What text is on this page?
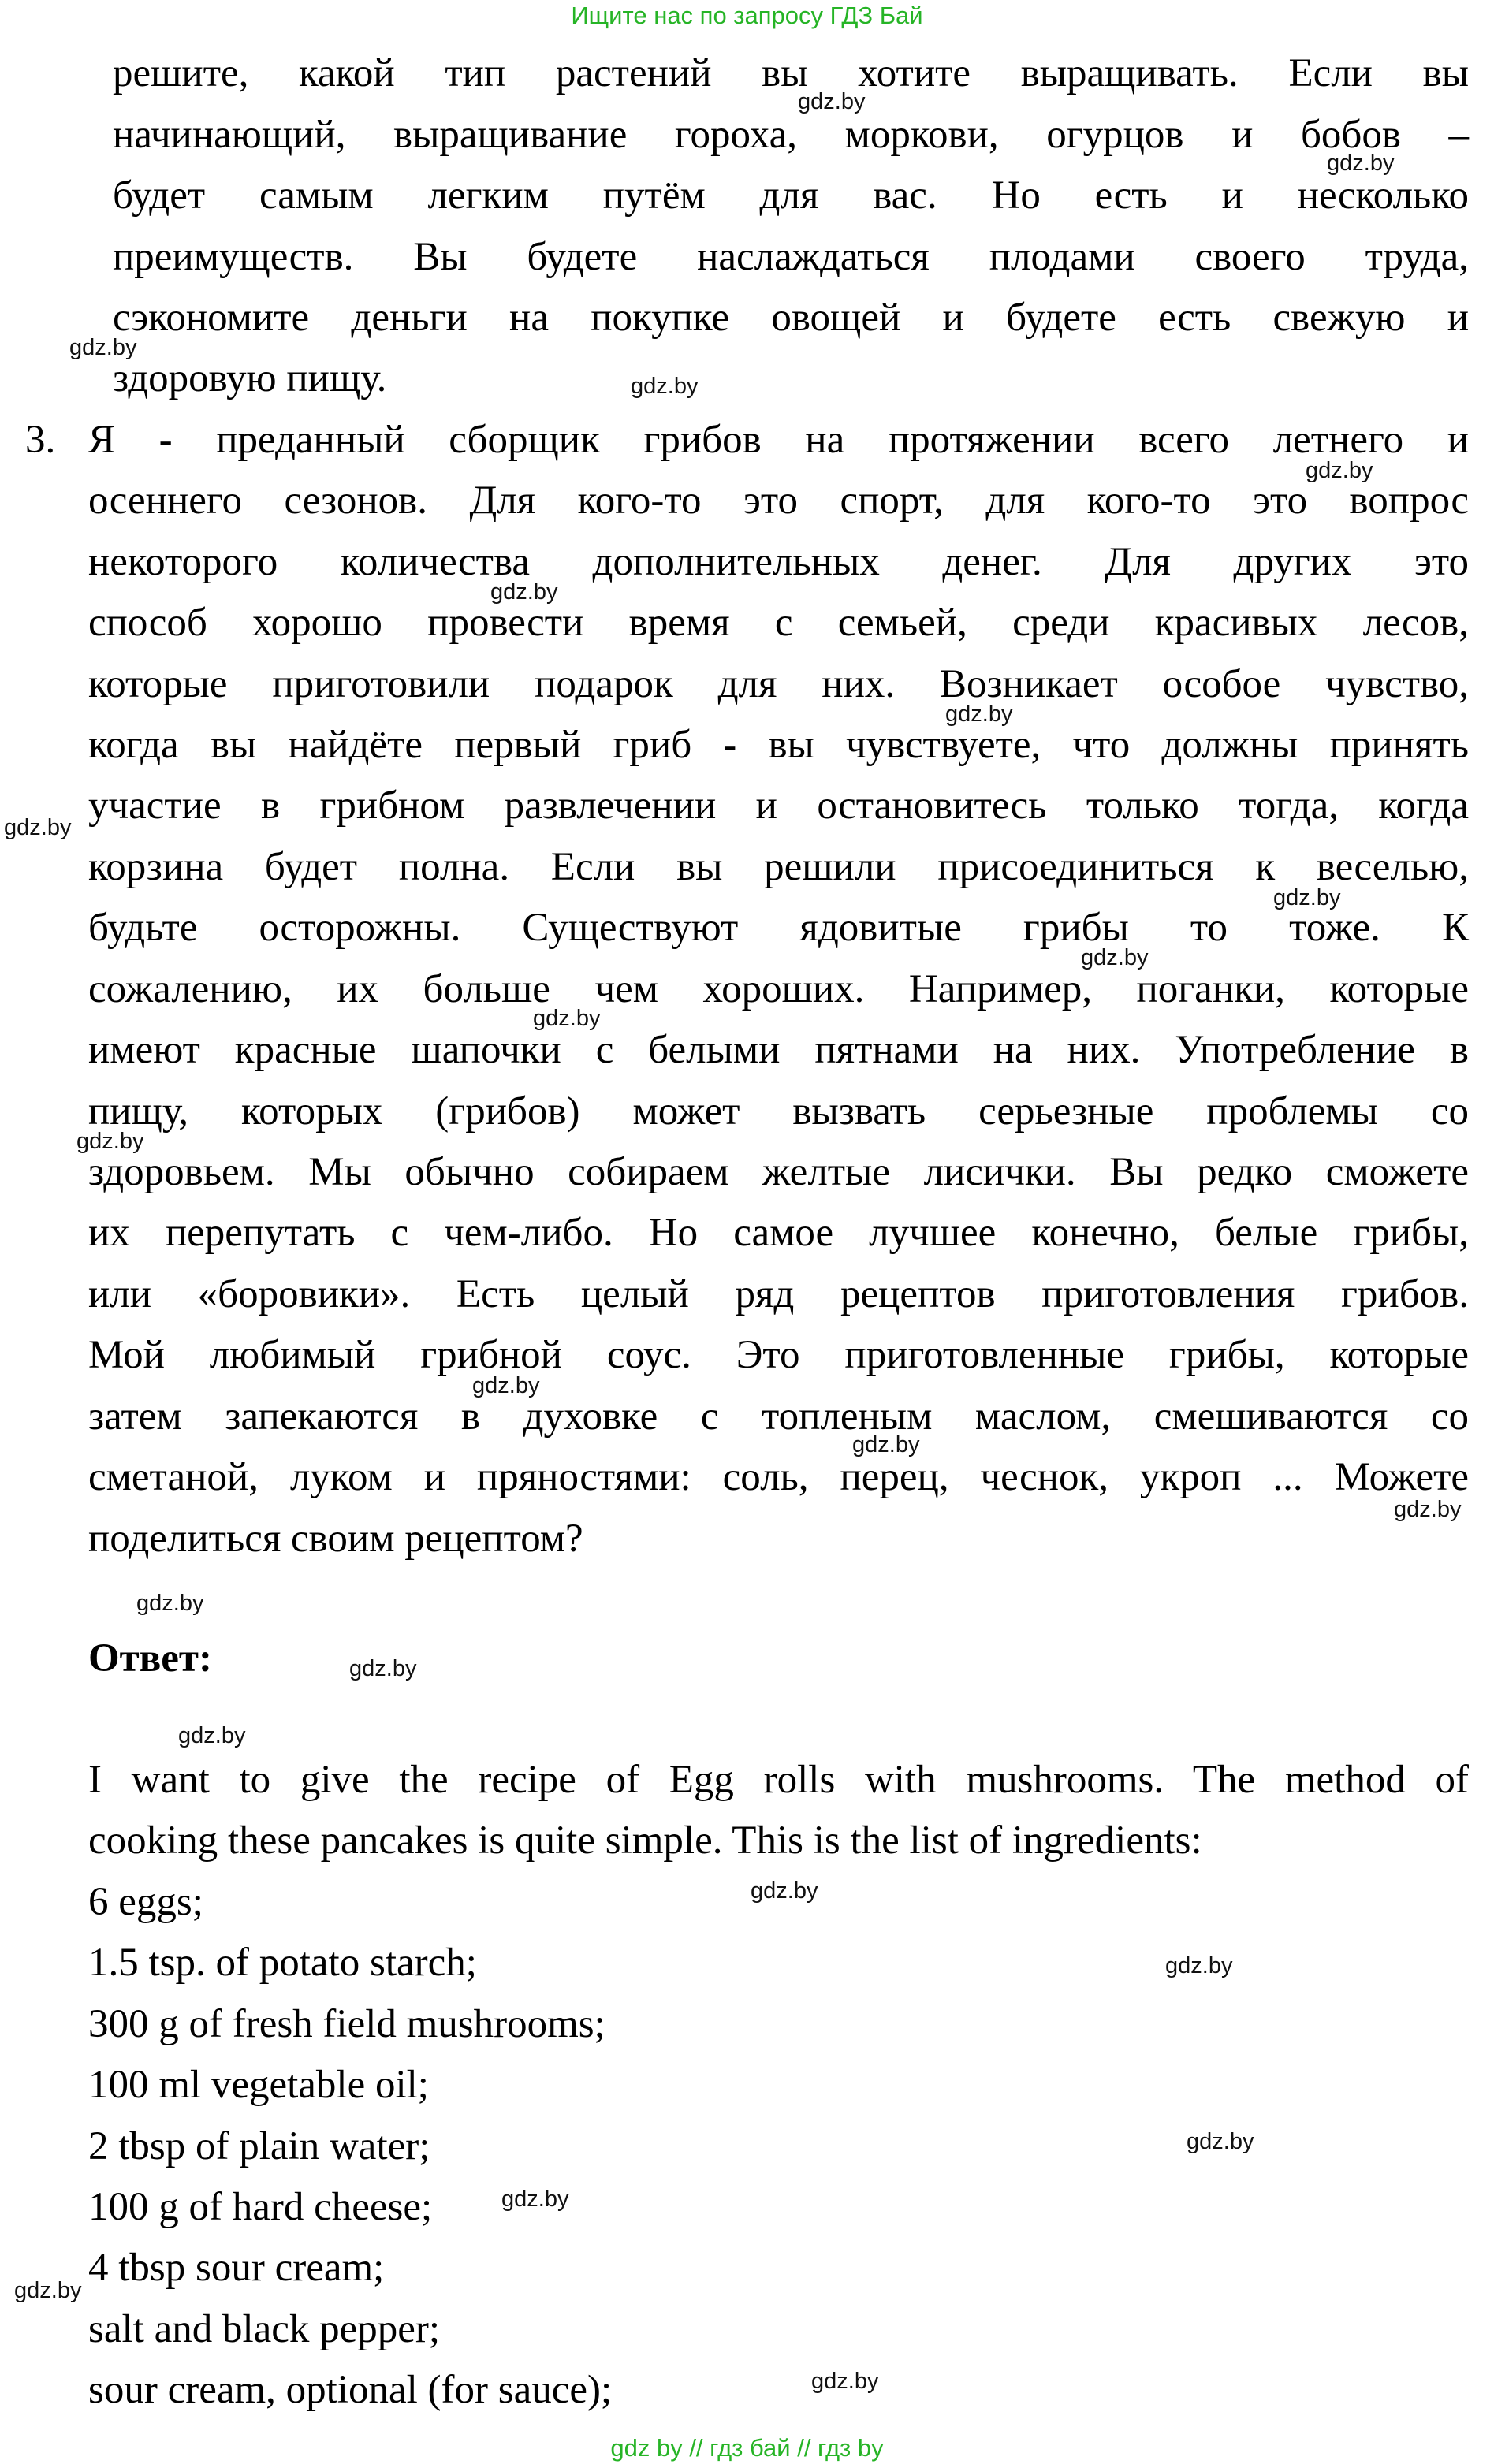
Ищите нас по запросу ГДЗ Бай
решите, какой тип растений вы хотите выращивать. Если вы
начинающий, выращивание гороха, моркови, огурцов и бобов –
будет самым легким путём для вас. Но есть и несколько
преимуществ. Вы будете наслаждаться плодами своего труда,
сэкономите деньги на покупке овощей и будете есть свежую и
здоровую пищу.
3. Я - преданный сборщик грибов на протяжении всего летнего и
осеннего сезонов. Для кого-то это спорт, для кого-то это вопрос
некоторого количества дополнительных денег. Для других это
способ хорошо провести время с семьей, среди красивых лесов,
которые приготовили подарок для них. Возникает особое чувство,
когда вы найдёте первый гриб - вы чувствуете, что должны принять
участие в грибном развлечении и остановитесь только тогда, когда
корзина будет полна. Если вы решили присоединиться к веселью,
будьте осторожны. Существуют ядовитые грибы то тоже. К
сожалению, их больше чем хороших. Например, поганки, которые
имеют красные шапочки с белыми пятнами на них. Употребление в
пищу, которых (грибов) может вызвать серьезные проблемы со
здоровьем. Мы обычно собираем желтые лисички. Вы редко сможете
их перепутать с чем-либо. Но самое лучшее конечно, белые грибы,
или «боровики». Есть целый ряд рецептов приготовления грибов.
Мой любимый грибной соус. Это приготовленные грибы, которые
затем запекаются в духовке с топленым маслом, смешиваются со
сметаной, луком и пряностями: соль, перец, чеснок, укроп ... Можете
поделиться своим рецептом?
Ответ:
I want to give the recipe of Egg rolls with mushrooms. The method of
cooking these pancakes is quite simple. This is the list of ingredients:
6 eggs;
1.5 tsp. of potato starch;
300 g of fresh field mushrooms;
100 ml vegetable oil;
2 tbsp of plain water;
100 g of hard cheese;
4 tbsp sour cream;
salt and black pepper;
sour cream, optional (for sauce);
gdz.by
gdz.by
gdz.by
gdz.by
gdz.by
gdz.by
gdz.by
gdz.by
gdz.by
gdz.by
gdz.by
gdz.by
gdz.by
gdz.by
gdz.by
gdz.by
gdz.by
gdz.by
gdz.by
gdz.by
gdz.by
gdz.by
gdz.by
gdz.by
gdz by // гдз бай // гдз by
